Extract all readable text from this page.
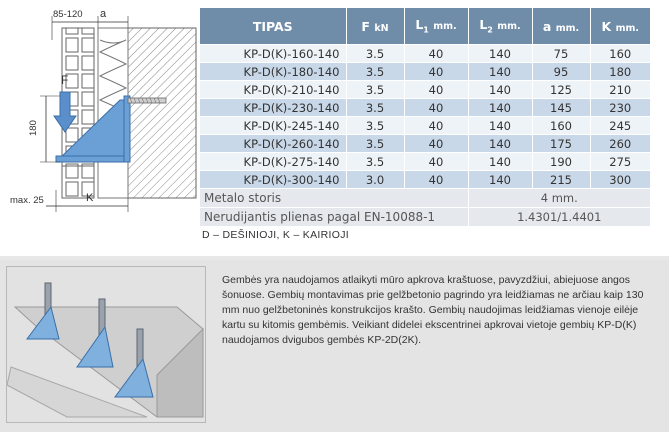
85-120 a
F
180
max. 25	K
TIPAS	F kN	$L_1$ mm.	$L_2$ mm.	a mm.	K mm.
KP-D(K)-160-140	3.5	40	140	75	160
KP-D(K)-180-140	3.5	40	140	95	180
KP-D(K)-210-140	3.5	40	140	125	210
KP-D(K)-230-140	3.5	40	140	145	230
KP-D(K)-245-140	3.5	40	140	160	245
KP-D(K)-260-140	3.5	40	140	175	260
KP-D(K)-275-140	3.5	40	140	190	275
KP-D(K)-300-140	3.0	40	140	215	300
Metalo storis			4 mm.		
Nerudijantis plienas pagal EN-10088-1			1.4301/1.4401		
D – DEŠINIOJI, K – KAIRIOJI
Gembės yra naudojamos atlaikyti mūro apkrova kraštuose, pavyzdžiui, abiejuose angos šonuose. Gembių montavimas prie gelžbetonio pagrindo yra leidžiamas ne arčiau kaip 130 mm nuo gelžbetoninės konstrukcijos krašto. Gembių naudojimas leidžiamas vienoje eilėje kartu su kitomis gembėmis. Veikiant didelei ekscentrinei apkrovai vietoje gembių KP-D(K) naudojamos dvigubos gembės KP-2D(2K).
